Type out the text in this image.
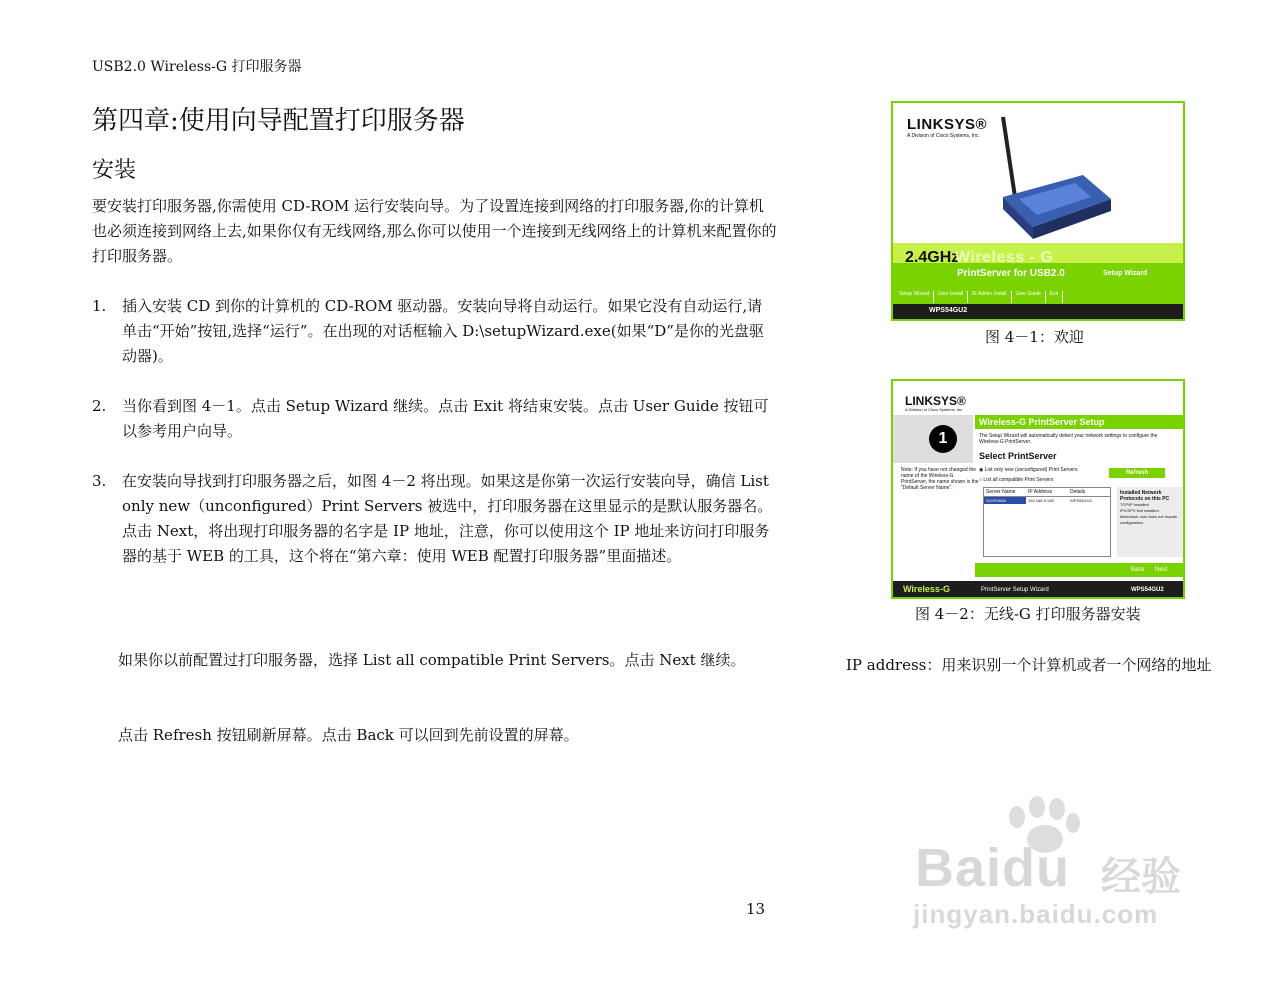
USB2.0 Wireless-G 打印服务器
第四章:使用向导配置打印服务器
安装

要安装打印服务器,你需使用 CD-ROM 运行安装向导。为了设置连接到网络的打印服务器,你的计算机也必须连接到网络上去,如果你仅有无线网络,那么你可以使用一个连接到无线网络上的计算机来配置你的打印服务器。

1. 插入安装 CD 到你的计算机的 CD-ROM 驱动器。安装向导将自动运行。如果它没有自动运行,请单击“开始”按钮,选择“运行”。在出现的对话框输入 D:\setupWizard.exe(如果“D”是你的光盘驱动器)。
2. 当你看到图 4－1。点击 Setup Wizard 继续。点击 Exit 将结束安装。点击 User Guide 按钮可以参考用户向导。
3. 在安装向导找到打印服务器之后，如图 4－2 将出现。如果这是你第一次运行安装向导，确信 List only new（unconfigured）Print Servers 被选中，打印服务器在这里显示的是默认服务器名。点击 Next，将出现打印服务器的名字是 IP 地址，注意，你可以使用这个 IP 地址来访问打印服务器的基于 WEB 的工具，这个将在“第六章：使用 WEB 配置打印服务器”里面描述。

如果你以前配置过打印服务器，选择 List all compatible Print Servers。点击 Next 继续。

点击 Refresh 按钮刷新屏幕。点击 Back 可以回到先前设置的屏幕。

13
LINKSYS®
A Division of Cisco Systems, Inc.
2.4GHz
Wireless - G
PrintServer for USB2.0	Setup Wizard
Setup Wizard	User Install	IE Admin Install	User Guide	Exit
WPS54GU2
图 4－1：欢迎
LINKSYS®
A Division of Cisco Systems, Inc.
1
Wireless-G PrintServer Setup
The Setup Wizard will automatically detect your network settings to configure the Wireless-G PrintServer.
Select PrintServer
Note: If you have not changed the name of the Wireless-G PrintServer, the name shown is the "Default Server Name".
◉ List only new (unconfigured) Print Servers
○ List all compatible Print Servers
Refresh
Server Name	IP Address	Details
SC0F9A9A	192.168.5.108	WPS54GU2
Installed Network Protocols on this PC
TCP/IP Installed
IPX/SPX Not installed
Macintosh user does not require configuration.
Back Next
Wireless-G	PrintServer Setup Wizard	WPS54GU2
图 4－2：无线-G 打印服务器安装

IP address：用来识别一个计算机或者一个网络的地址

Baidu 经验
jingyan.baidu.com
